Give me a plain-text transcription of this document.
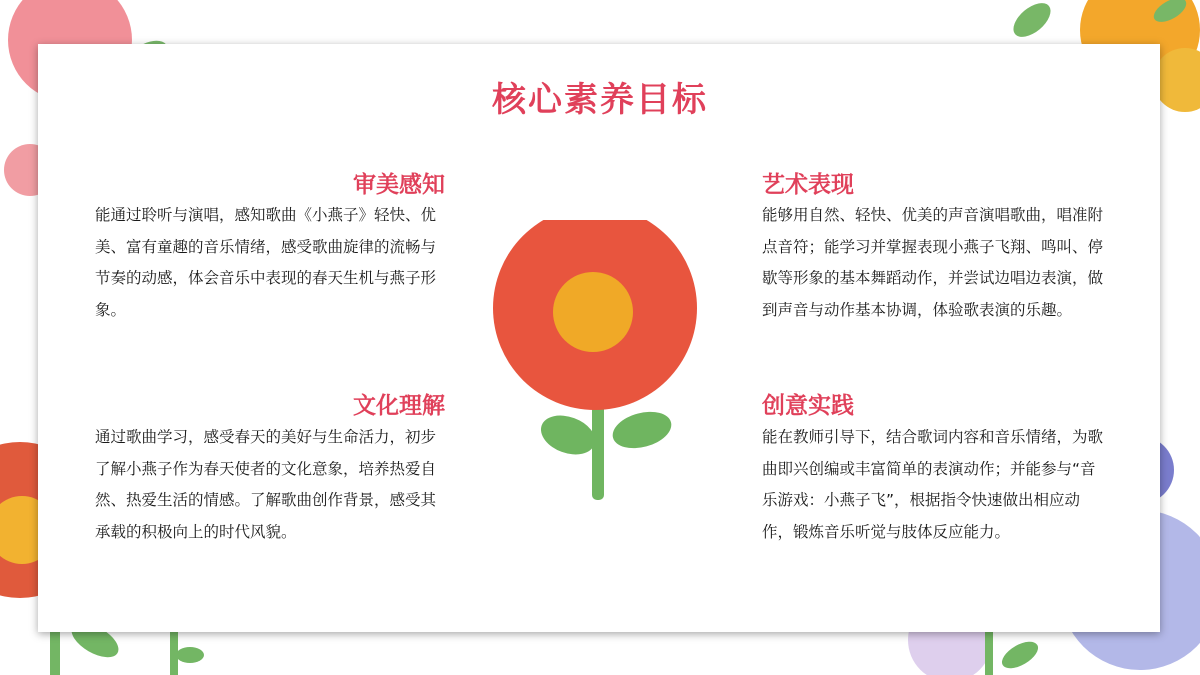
核心素养目标
审美感知

能通过聆听与演唱，感知歌曲《小燕子》轻快、优美、富有童趣的音乐情绪，感受歌曲旋律的流畅与节奏的动感，体会音乐中表现的春天生机与燕子形象。

艺术表现

能够用自然、轻快、优美的声音演唱歌曲，唱准附点音符；能学习并掌握表现小燕子飞翔、鸣叫、停歇等形象的基本舞蹈动作，并尝试边唱边表演，做到声音与动作基本协调，体验歌表演的乐趣。

文化理解

通过歌曲学习，感受春天的美好与生命活力，初步了解小燕子作为春天使者的文化意象，培养热爱自然、热爱生活的情感。了解歌曲创作背景，感受其承载的积极向上的时代风貌。

创意实践

能在教师引导下，结合歌词内容和音乐情绪，为歌曲即兴创编或丰富简单的表演动作；并能参与“音乐游戏：小燕子飞”，根据指令快速做出相应动作，锻炼音乐听觉与肢体反应能力。
